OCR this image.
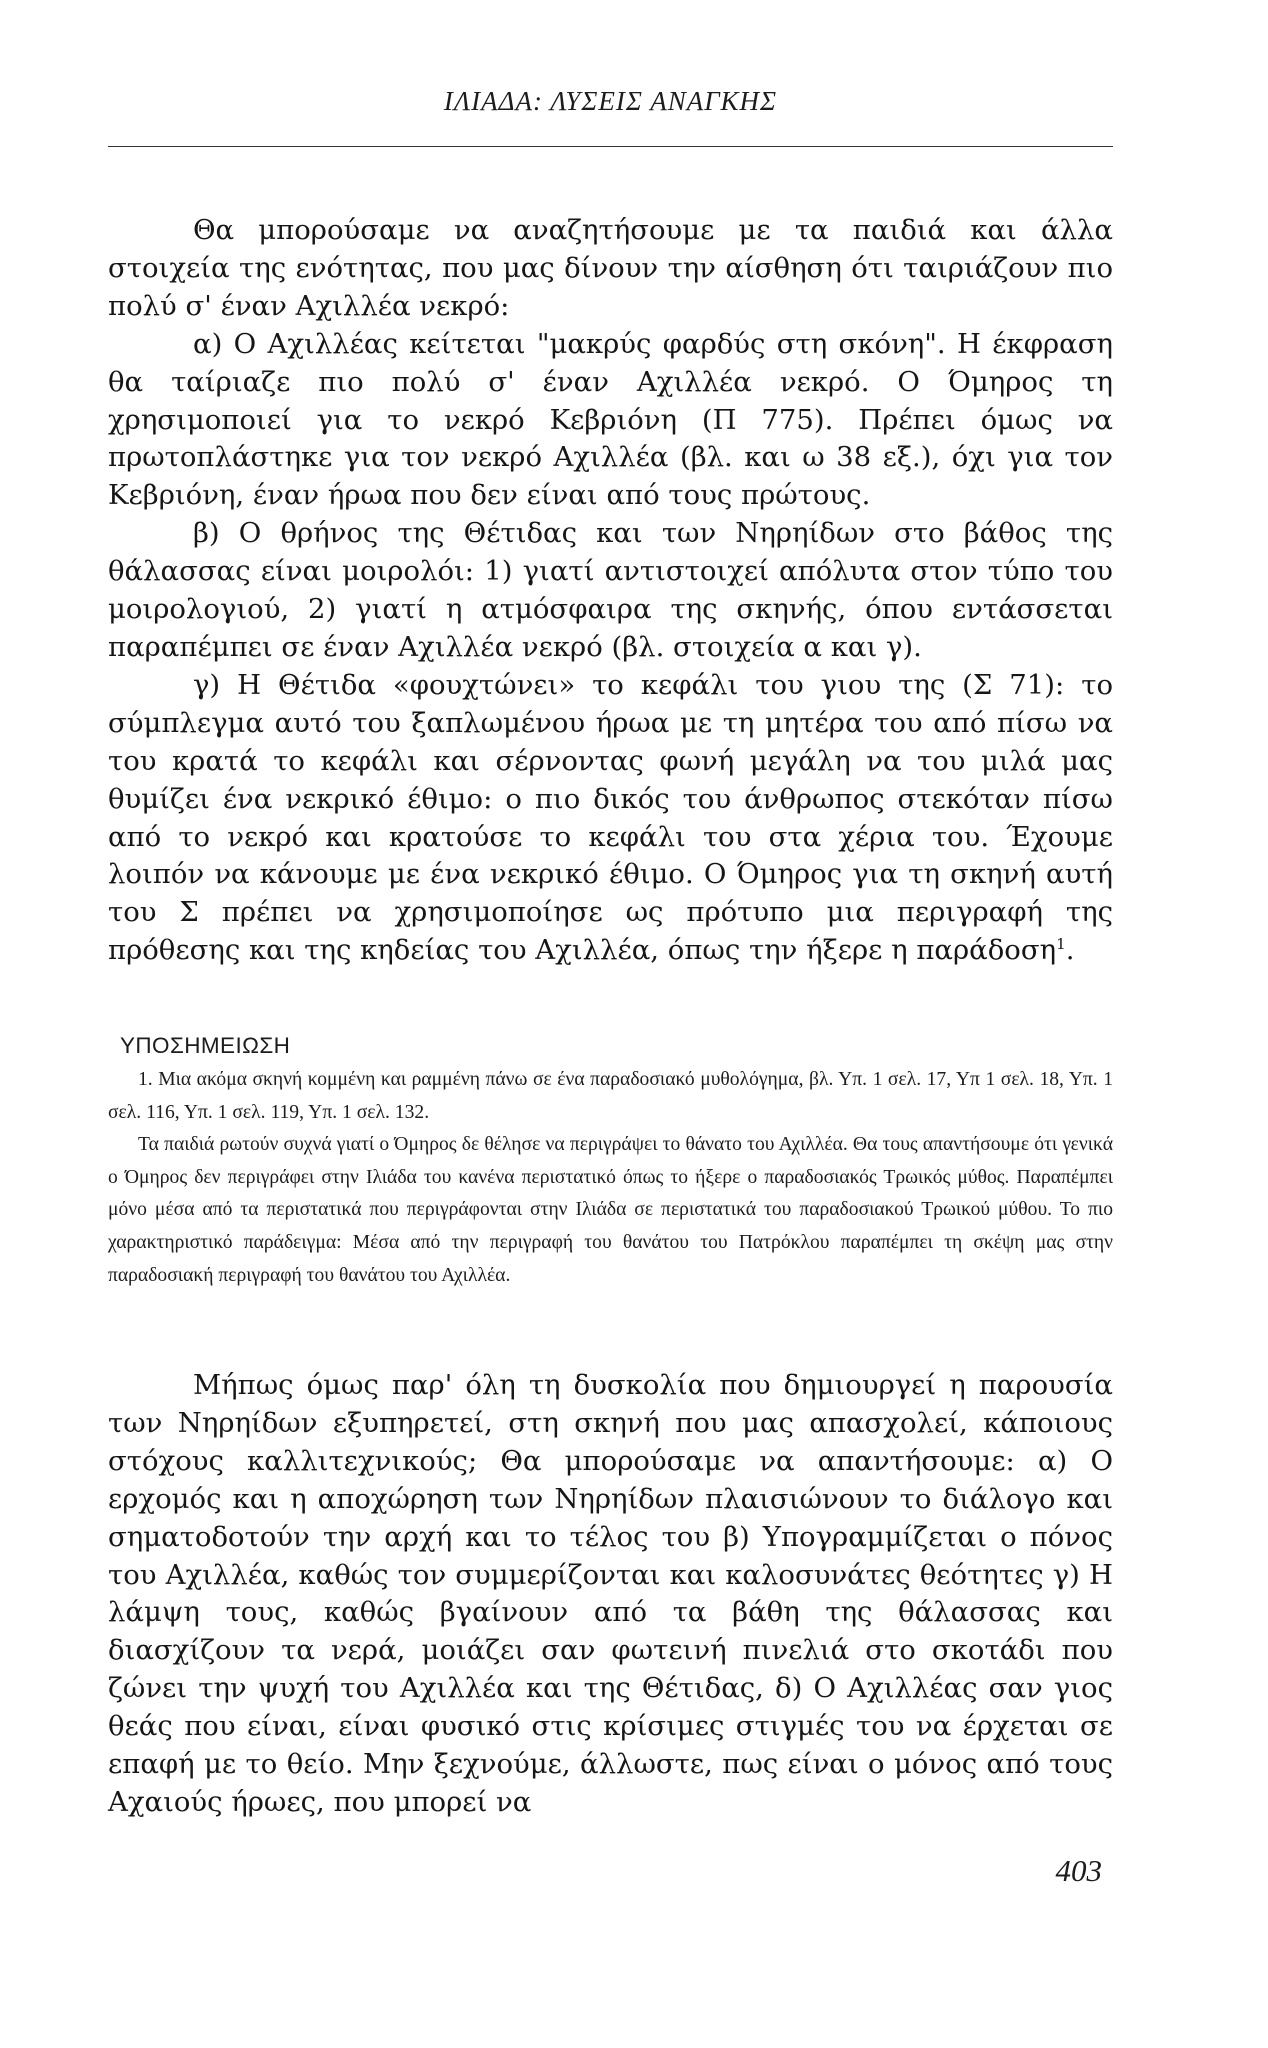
ΙΛΙΑΔΑ: ΛΥΣΕΙΣ ΑΝΑΓΚΗΣ

Θα μπορούσαμε να αναζητήσουμε με τα παιδιά και άλλα στοιχεία της ενότητας, που μας δίνουν την αίσθηση ότι ταιριάζουν πιο πολύ σ' έναν Αχιλλέα νεκρό:

α) Ο Αχιλλέας κείτεται "μακρύς φαρδύς στη σκόνη". Η έκφραση θα ταίριαζε πιο πολύ σ' έναν Αχιλλέα νεκρό. Ο Όμηρος τη χρησιμοποιεί για το νεκρό Κεβριόνη (Π 775). Πρέπει όμως να πρωτοπλάστηκε για τον νεκρό Αχιλλέα (βλ. και ω 38 εξ.), όχι για τον Κεβριόνη, έναν ήρωα που δεν είναι από τους πρώτους.

β) Ο θρήνος της Θέτιδας και των Νηρηίδων στο βάθος της θάλασσας είναι μοιρολόι: 1) γιατί αντιστοιχεί απόλυτα στον τύπο του μοιρολογιού, 2) γιατί η ατμόσφαιρα της σκηνής, όπου εντάσσεται παραπέμπει σε έναν Αχιλλέα νεκρό (βλ. στοιχεία α και γ).

γ) Η Θέτιδα «φουχτώνει» το κεφάλι του γιου της (Σ 71): το σύμπλεγμα αυτό του ξαπλωμένου ήρωα με τη μητέρα του από πίσω να του κρατά το κεφάλι και σέρνοντας φωνή μεγάλη να του μιλά μας θυμίζει ένα νεκρικό έθιμο: ο πιο δικός του άνθρωπος στεκόταν πίσω από το νεκρό και κρατούσε το κεφάλι του στα χέρια του. Έχουμε λοιπόν να κάνουμε με ένα νεκρικό έθιμο. Ο Όμηρος για τη σκηνή αυτή του Σ πρέπει να χρησιμοποίησε ως πρότυπο μια περιγραφή της πρόθεσης και της κηδείας του Αχιλλέα, όπως την ήξερε η παράδοση$^1$.

ΥΠΟΣΗΜΕΙΩΣΗ

1. Μια ακόμα σκηνή κομμένη και ραμμένη πάνω σε ένα παραδοσιακό μυθολόγημα, βλ. Υπ. 1 σελ. 17, Υπ 1 σελ. 18, Υπ. 1 σελ. 116, Υπ. 1 σελ. 119, Υπ. 1 σελ. 132.

Τα παιδιά ρωτούν συχνά γιατί ο Όμηρος δε θέλησε να περιγράψει το θάνατο του Αχιλλέα. Θα τους απαντήσουμε ότι γενικά ο Όμηρος δεν περιγράφει στην Ιλιάδα του κανένα περιστατικό όπως το ήξερε ο παραδοσιακός Τρωικός μύθος. Παραπέμπει μόνο μέσα από τα περιστατικά που περιγράφονται στην Ιλιάδα σε περιστατικά του παραδοσιακού Τρωικού μύθου. Το πιο χαρακτηριστικό παράδειγμα: Μέσα από την περιγραφή του θανάτου του Πατρόκλου παραπέμπει τη σκέψη μας στην παραδοσιακή περιγραφή του θανάτου του Αχιλλέα.

Μήπως όμως παρ' όλη τη δυσκολία που δημιουργεί η παρουσία των Νηρηίδων εξυπηρετεί, στη σκηνή που μας απασχολεί, κάποιους στόχους καλλιτεχνικούς; Θα μπορούσαμε να απαντήσουμε: α) Ο ερχομός και η αποχώρηση των Νηρηίδων πλαισιώνουν το διάλογο και σηματοδοτούν την αρχή και το τέλος του β) Υπογραμμίζεται ο πόνος του Αχιλλέα, καθώς τον συμμερίζονται και καλοσυνάτες θεότητες γ) Η λάμψη τους, καθώς βγαίνουν από τα βάθη της θάλασσας και διασχίζουν τα νερά, μοιάζει σαν φωτεινή πινελιά στο σκοτάδι που ζώνει την ψυχή του Αχιλλέα και της Θέτιδας, δ) Ο Αχιλλέας σαν γιος θεάς που είναι, είναι φυσικό στις κρίσιμες στιγμές του να έρχεται σε επαφή με το θείο. Μην ξεχνούμε, άλλωστε, πως είναι ο μόνος από τους Αχαιούς ήρωες, που μπορεί να

403
